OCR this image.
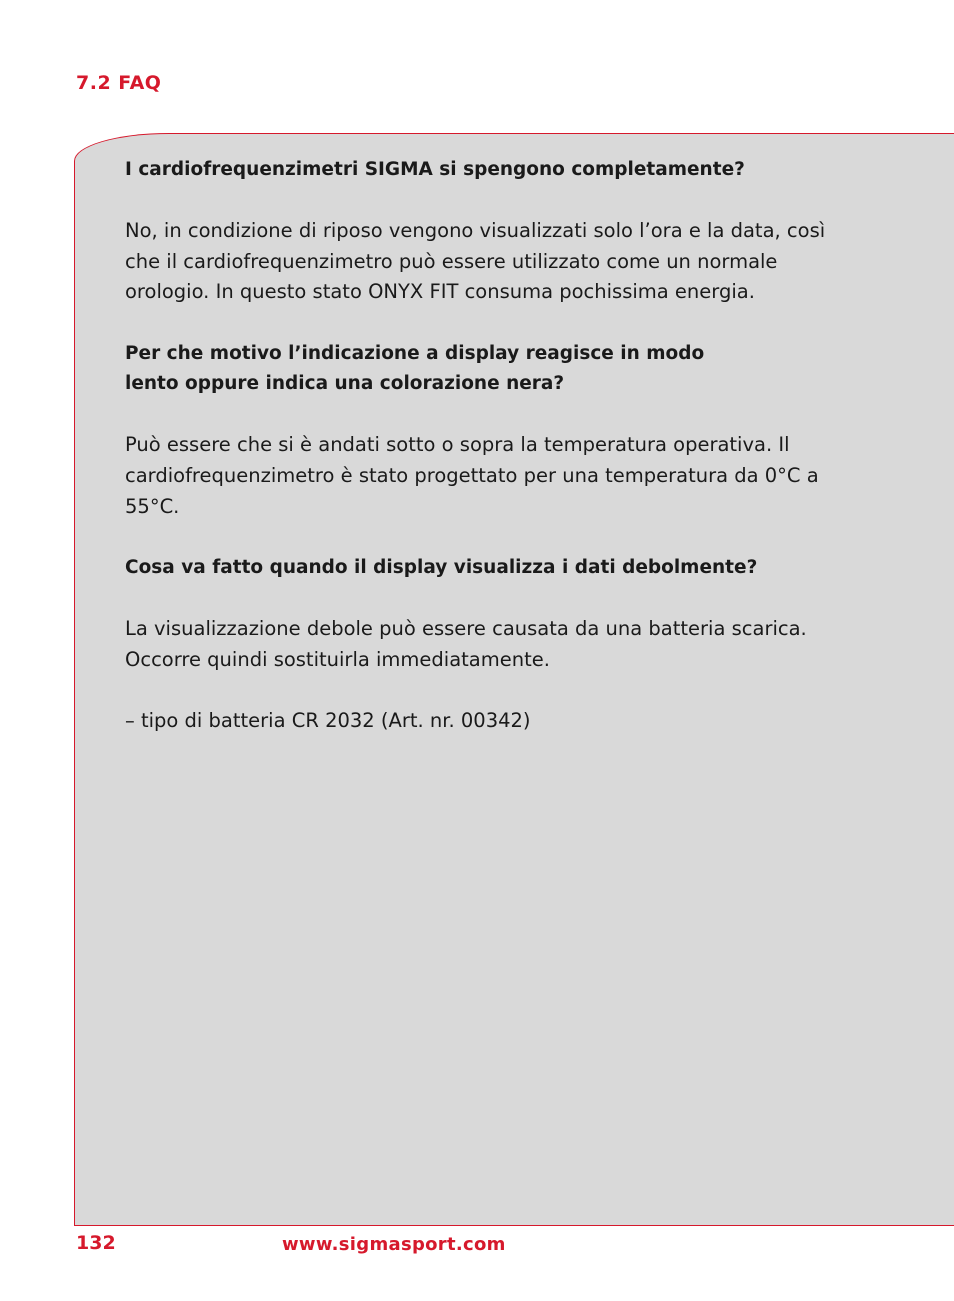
7.2 FAQ

I cardiofrequenzimetri SIGMA si spengono completamente?

No, in condizione di riposo vengono visualizzati solo l’ora e la data, così che il cardiofrequenzimetro può essere utilizzato come un normale orologio. In questo stato ONYX FIT consuma pochissima energia.

Per che motivo l’indicazione a display reagisce in modo
lento oppure indica una colorazione nera?

Può essere che si è andati sotto o sopra la temperatura operativa. Il cardiofrequenzimetro è stato progettato per una temperatura da 0°C a 55°C.

Cosa va fatto quando il display visualizza i dati debolmente?

La visualizzazione debole può essere causata da una batteria scarica. Occorre quindi sostituirla immediatamente.

– tipo di batteria CR 2032 (Art. nr. 00342)

132	www.sigmasport.com
